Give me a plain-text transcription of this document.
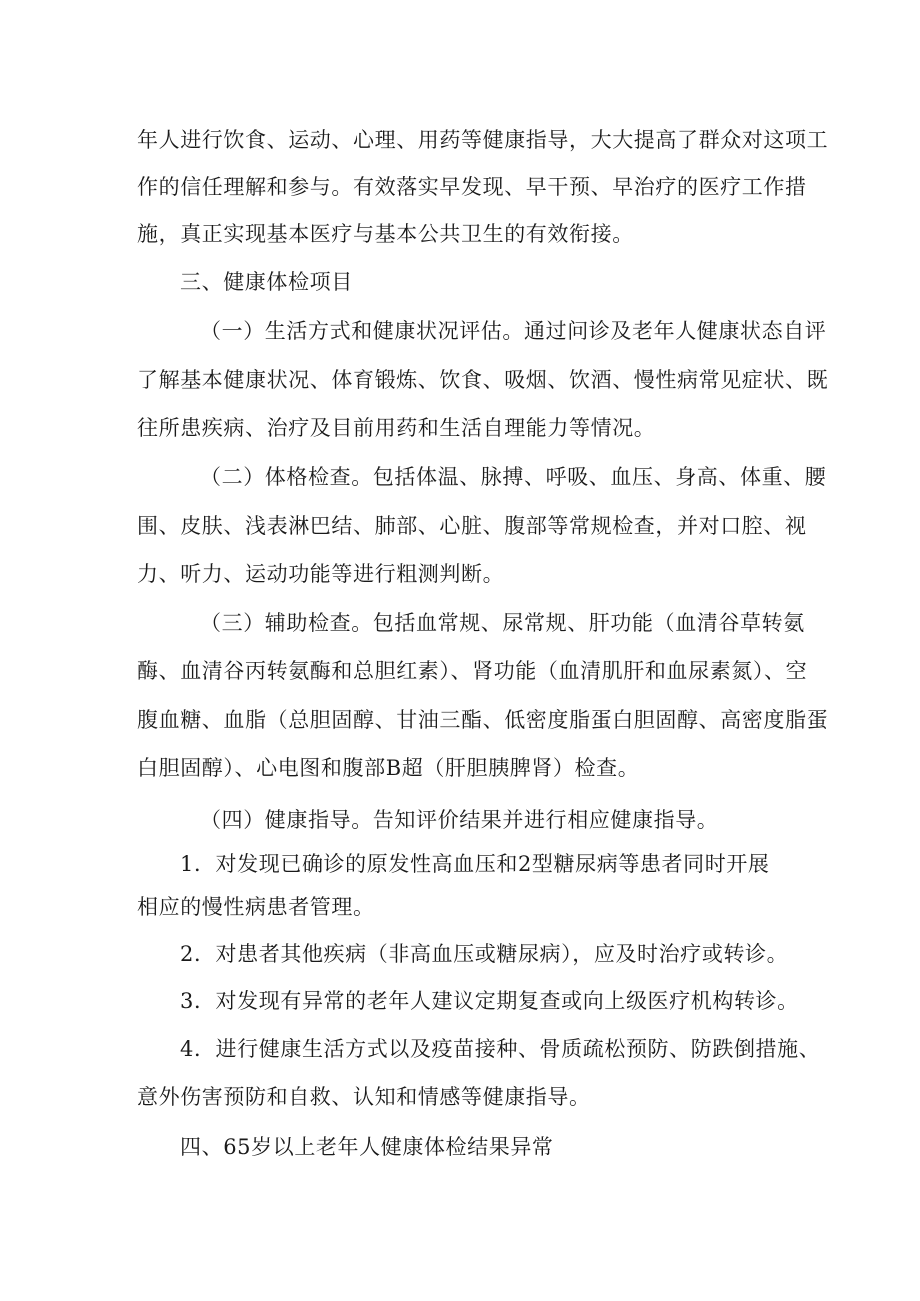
年人进行饮食、运动、心理、用药等健康指导，大大提高了群众对这项工
作的信任理解和参与。有效落实早发现、早干预、早治疗的医疗工作措
施，真正实现基本医疗与基本公共卫生的有效衔接。
三、健康体检项目
（一）生活方式和健康状况评估。通过问诊及老年人健康状态自评
了解基本健康状况、体育锻炼、饮食、吸烟、饮酒、慢性病常见症状、既
往所患疾病、治疗及目前用药和生活自理能力等情况。
（二）体格检查。包括体温、脉搏、呼吸、血压、身高、体重、腰
围、皮肤、浅表淋巴结、肺部、心脏、腹部等常规检查，并对口腔、视
力、听力、运动功能等进行粗测判断。
（三）辅助检查。包括血常规、尿常规、肝功能（血清谷草转氨
酶、血清谷丙转氨酶和总胆红素）、肾功能（血清肌肝和血尿素氮）、空
腹血糖、血脂（总胆固醇、甘油三酯、低密度脂蛋白胆固醇、高密度脂蛋
白胆固醇）、心电图和腹部B超（肝胆胰脾肾）检查。
（四）健康指导。告知评价结果并进行相应健康指导。
1．对发现已确诊的原发性高血压和2型糖尿病等患者同时开展
相应的慢性病患者管理。
2．对患者其他疾病（非高血压或糖尿病），应及时治疗或转诊。
3．对发现有异常的老年人建议定期复查或向上级医疗机构转诊。
4．进行健康生活方式以及疫苗接种、骨质疏松预防、防跌倒措施、
意外伤害预防和自救、认知和情感等健康指导。
四、65岁以上老年人健康体检结果异常
